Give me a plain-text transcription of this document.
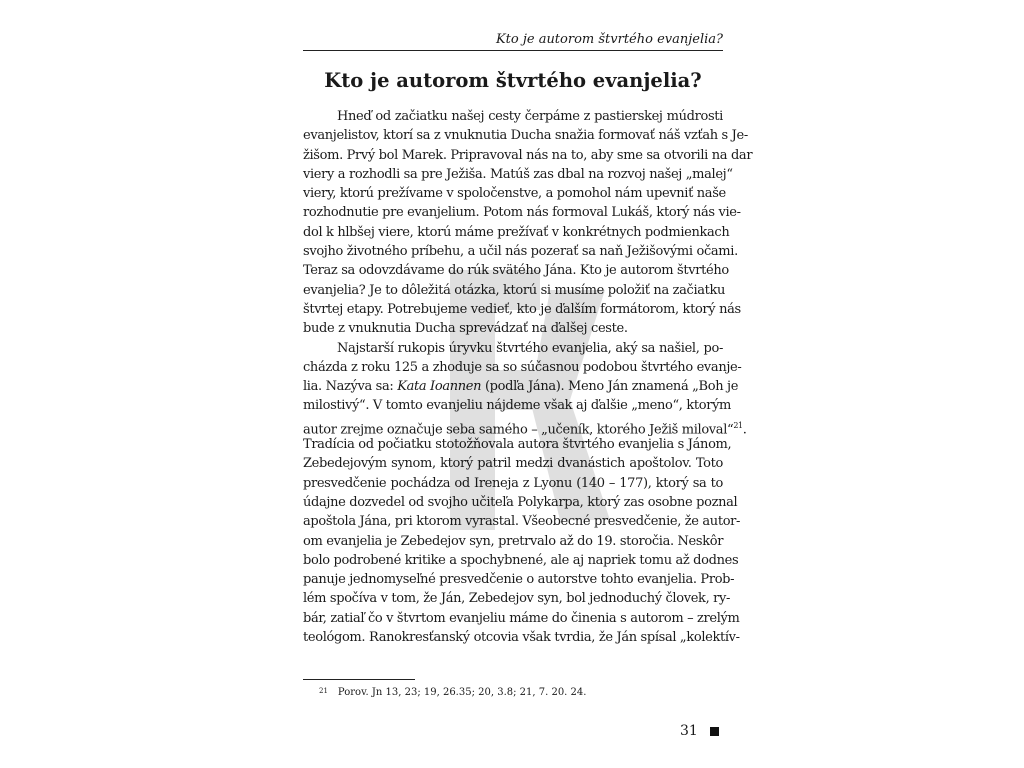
Kto je autorom štvrtého evanjelia?
Kto je autorom štvrtého evanjelia?
Hneď od začiatku našej cesty čerpáme z pastierskej múdrosti
evanjelistov, ktorí sa z vnuknutia Ducha snažia formovať náš vzťah s Je-
žišom. Prvý bol Marek. Pripravoval nás na to, aby sme sa otvorili na dar
viery a rozhodli sa pre Ježiša. Matúš zas dbal na rozvoj našej „malej“
viery, ktorú prežívame v spoločenstve, a pomohol nám upevniť naše
rozhodnutie pre evanjelium. Potom nás formoval Lukáš, ktorý nás vie-
dol k hlbšej viere, ktorú máme prežívať v konkrétnych podmienkach
svojho životného príbehu, a učil nás pozerať sa naň Ježišovými očami.
Teraz sa odovzdávame do rúk svätého Jána. Kto je autorom štvrtého
evanjelia? Je to dôležitá otázka, ktorú si musíme položiť na začiatku
štvrtej etapy. Potrebujeme vedieť, kto je ďalším formátorom, ktorý nás
bude z vnuknutia Ducha sprevádzať na ďalšej ceste.
Najstarší rukopis úryvku štvrtého evanjelia, aký sa našiel, po-
cházda z roku 125 a zhoduje sa so súčasnou podobou štvrtého evanje-
lia. Nazýva sa: Kata Ioannen (podľa Jána). Meno Ján znamená „Boh je
milostivý“. V tomto evanjeliu nájdeme však aj ďalšie „meno“, ktorým
autor zrejme označuje seba samého – „učeník, ktorého Ježiš miloval“$^{21}$.
Tradícia od počiatku stotožňovala autora štvrtého evanjelia s Jánom,
Zebedejovým synom, ktorý patril medzi dvanástich apoštolov. Toto
presvedčenie pochádza od Ireneja z Lyonu (140 – 177), ktorý sa to
údajne dozvedel od svojho učiteľa Polykarpa, ktorý zas osobne poznal
apoštola Jána, pri ktorom vyrastal. Všeobecné presvedčenie, že autor-
om evanjelia je Zebedejov syn, pretrvalo až do 19. storočia. Neskôr
bolo podrobené kritike a spochybnené, ale aj napriek tomu až dodnes
panuje jednomyseľné presvedčenie o autorstve tohto evanjelia. Prob-
lém spočíva v tom, že Ján, Zebedejov syn, bol jednoduchý človek, ry-
bár, zatiaľ čo v štvrtom evanjeliu máme do činenia s autorom – zrelým
teológom. Ranokresťanský otcovia však tvrdia, že Ján spísal „kolektív-
$^{21}$ Porov. Jn 13, 23; 19, 26.35; 20, 3.8; 21, 7. 20. 24.
31
